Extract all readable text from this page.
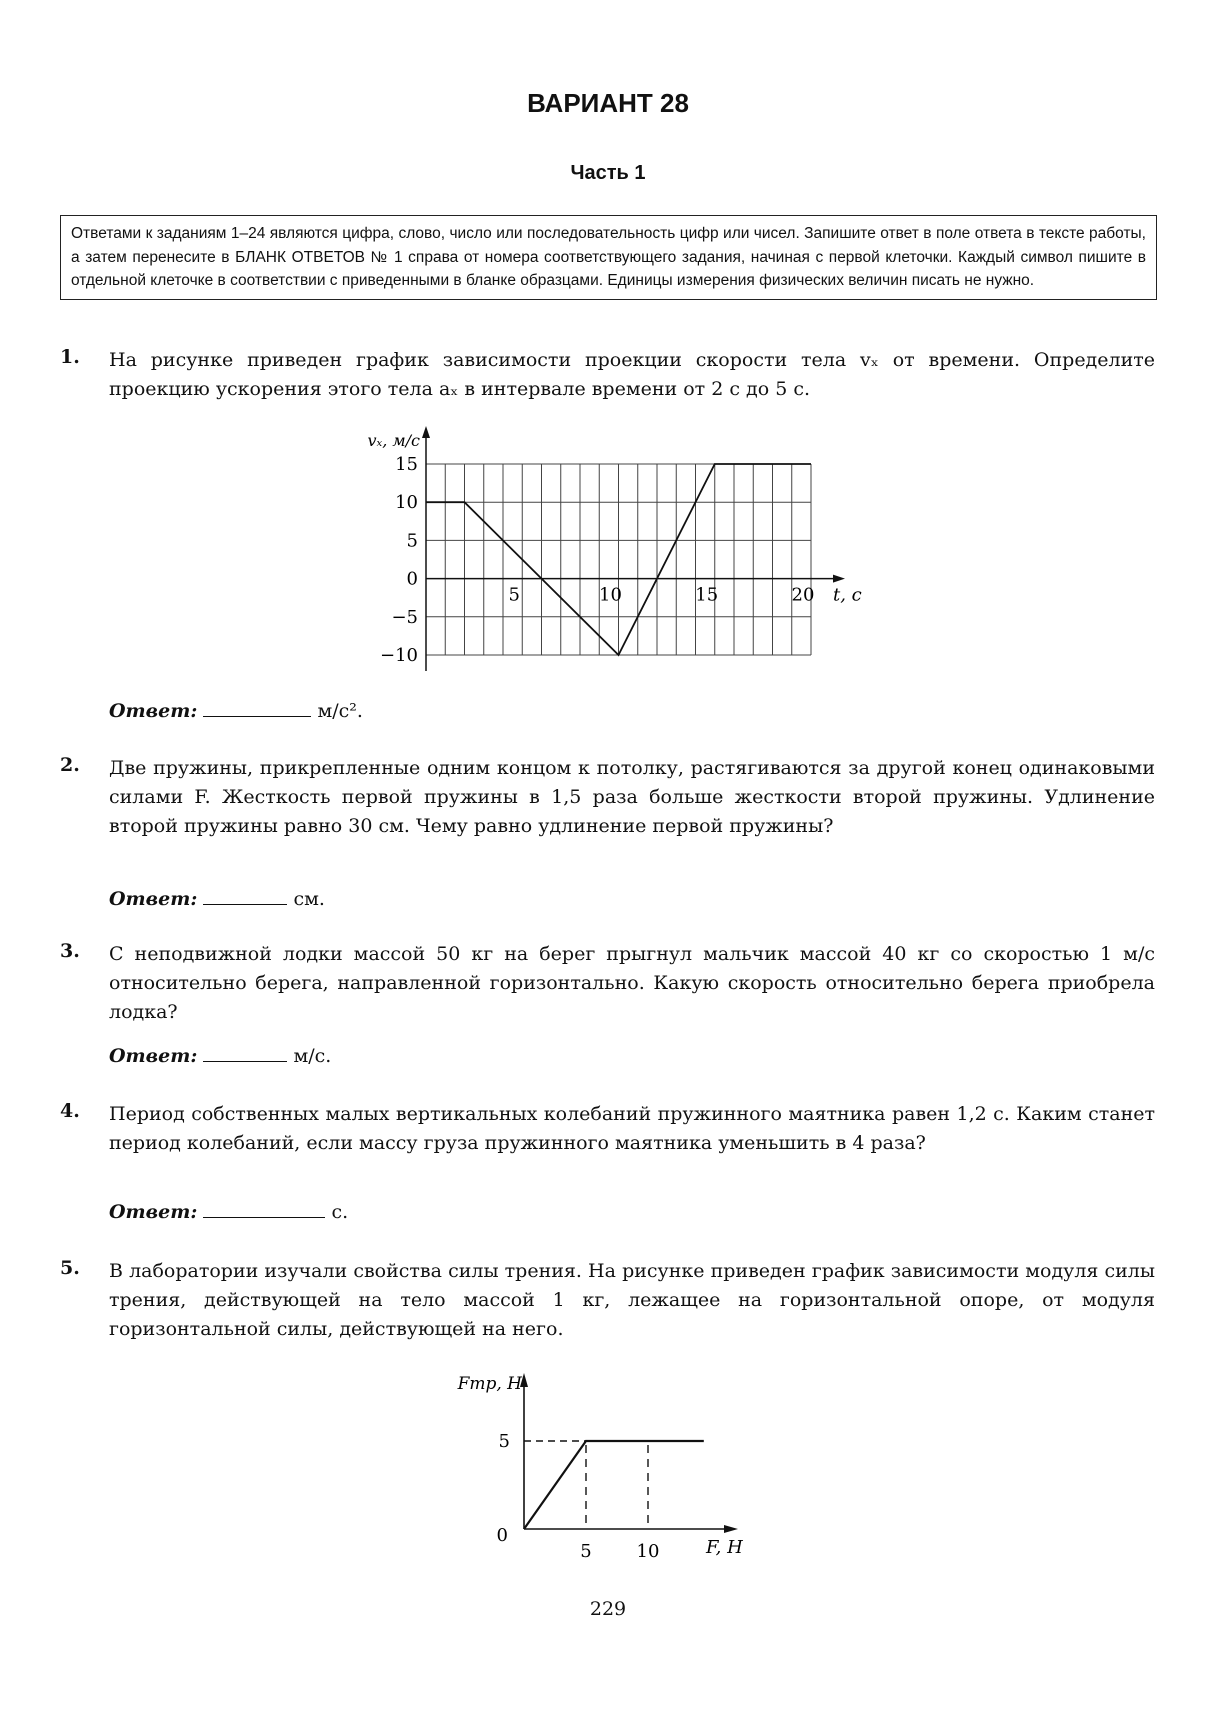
ВАРИАНТ 28
Часть 1
Ответами к заданиям 1–24 являются цифра, слово, число или последовательность цифр или чисел. Запишите ответ в поле ответа в тексте работы, а затем перенесите в БЛАНК ОТВЕТОВ № 1 справа от номера соответствующего задания, начиная с первой клеточки. Каждый символ пишите в отдельной клеточке в соответствии с приведенными в бланке образцами. Единицы измерения физических величин писать не нужно.
1. На рисунке приведен график зависимости проекции скорости тела vₓ от времени. Определите проекцию ускорения этого тела aₓ в интервале времени от 2 с до 5 с.
15
10
5
0
−5
−10
5	10	15	20
vₓ, м/с
t, с
Ответ:	м/с².
2. Две пружины, прикрепленные одним концом к потолку, растягиваются за другой конец одинаковыми силами F. Жесткость первой пружины в 1,5 раза больше жесткости второй пружины. Удлинение второй пружины равно 30 см. Чему равно удлинение первой пружины?
Ответ:	см.
3. С неподвижной лодки массой 50 кг на берег прыгнул мальчик массой 40 кг со скоростью 1 м/с относительно берега, направленной горизонтально. Какую скорость относительно берега приобрела лодка?
Ответ:	м/с.
4. Период собственных малых вертикальных колебаний пружинного маятника равен 1,2 с. Каким станет период колебаний, если массу груза пружинного маятника уменьшить в 4 раза?
Ответ:	с.
5. В лаборатории изучали свойства силы трения. На рисунке приведен график зависимости модуля силы трения, действующей на тело массой 1 кг, лежащее на горизонтальной опоре, от модуля горизонтальной силы, действующей на него.
5
0
5 10
Fтр, Н
F, Н
229
